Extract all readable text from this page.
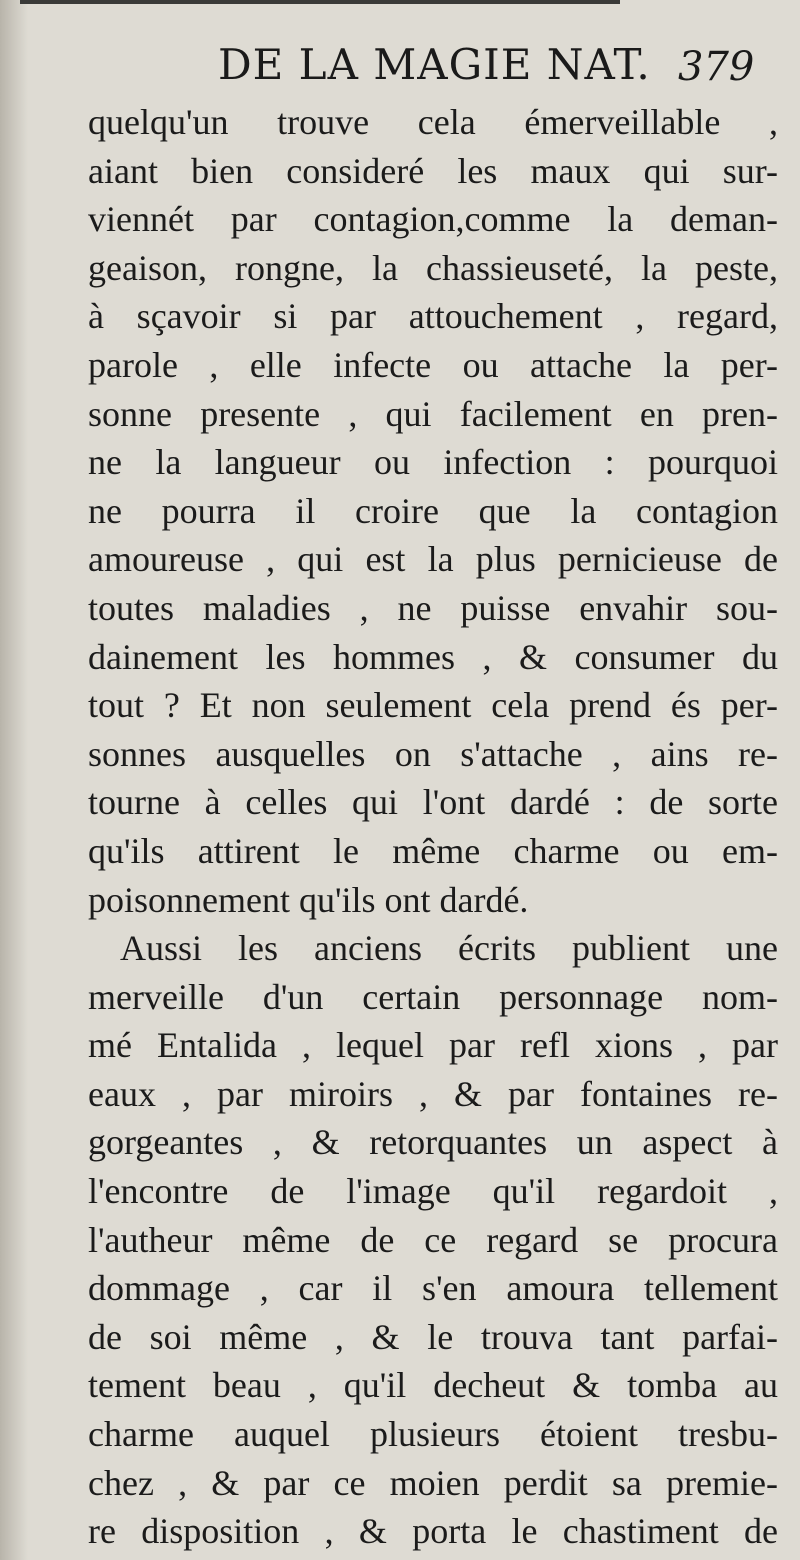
DE LA MAGIE NAT. 379
quelqu'un trouve cela émerveillable ,
aiant bien consideré les maux qui sur-
viennét par contagion,comme la deman-
geaison, rongne, la chassieuseté, la peste,
à sçavoir si par attouchement , regard,
parole , elle infecte ou attache la per-
sonne presente , qui facilement en pren-
ne la langueur ou infection : pourquoi
ne pourra il croire que la contagion
amoureuse , qui est la plus pernicieuse de
toutes maladies , ne puisse envahir sou-
dainement les hommes , & consumer du
tout ? Et non seulement cela prend és per-
sonnes ausquelles on s'attache , ains re-
tourne à celles qui l'ont dardé : de sorte
qu'ils attirent le même charme ou em-
poisonnement qu'ils ont dardé.
Aussi les anciens écrits publient une
merveille d'un certain personnage nom-
mé Entalida , lequel par refl xions , par
eaux , par miroirs , & par fontaines re-
gorgeantes , & retorquantes un aspect à
l'encontre de l'image qu'il regardoit ,
l'autheur même de ce regard se procura
dommage , car il s'en amoura tellement
de soi même , & le trouva tant parfai-
tement beau , qu'il decheut & tomba au
charme auquel plusieurs étoient tresbu-
chez , & par ce moien perdit sa premie-
re disposition , & porta le chastiment de
